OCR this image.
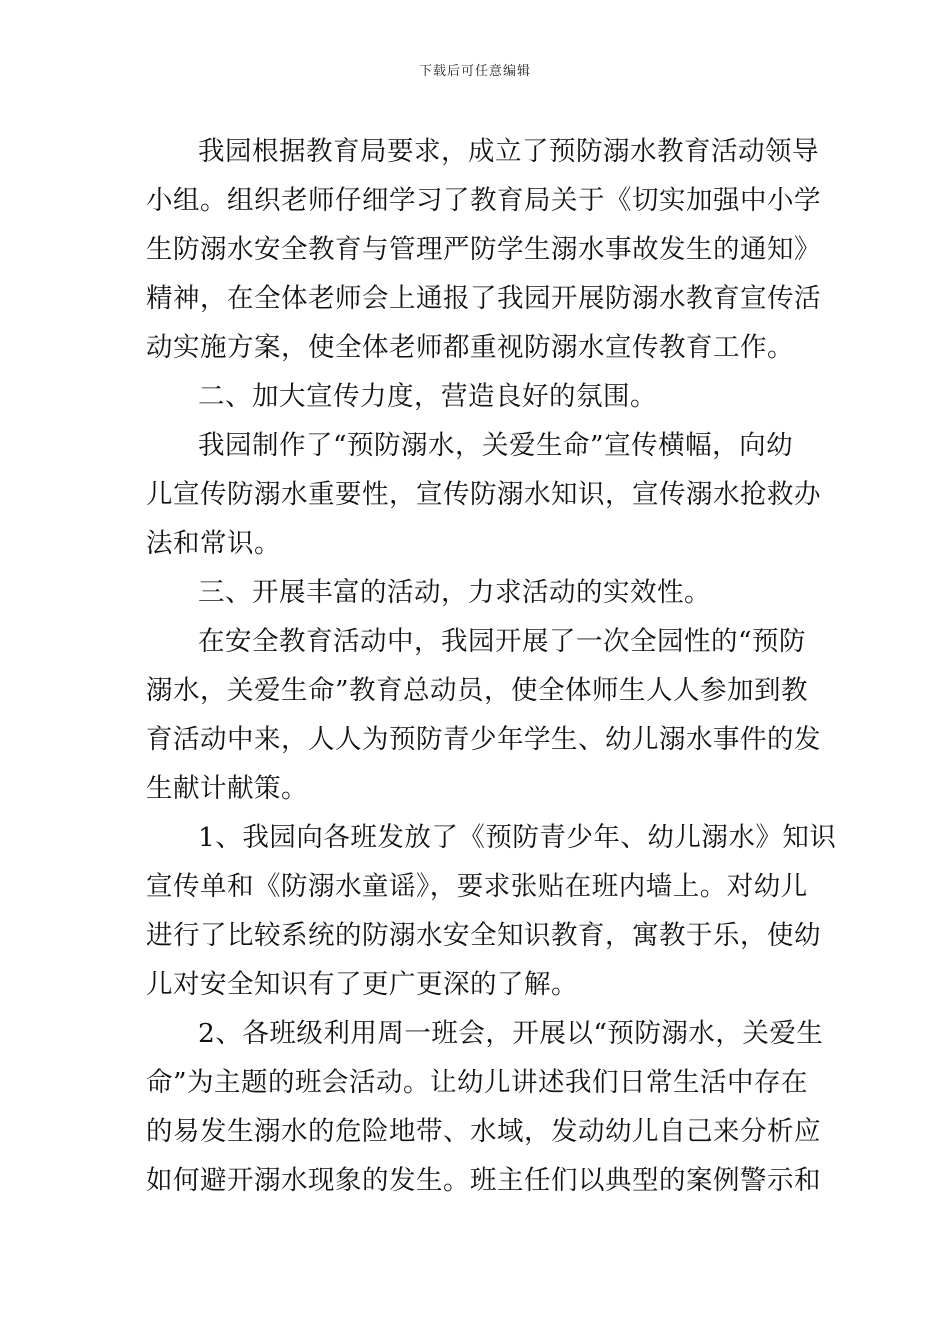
下载后可任意编辑
我园根据教育局要求，成立了预防溺水教育活动领导
小组。组织老师仔细学习了教育局关于《切实加强中小学
生防溺水安全教育与管理严防学生溺水事故发生的通知》
精神，在全体老师会上通报了我园开展防溺水教育宣传活
动实施方案，使全体老师都重视防溺水宣传教育工作。
二、加大宣传力度，营造良好的氛围。
我园制作了“预防溺水，关爱生命”宣传横幅，向幼
儿宣传防溺水重要性，宣传防溺水知识，宣传溺水抢救办
法和常识。
三、开展丰富的活动，力求活动的实效性。
在安全教育活动中，我园开展了一次全园性的“预防
溺水，关爱生命”教育总动员，使全体师生人人参加到教
育活动中来，人人为预防青少年学生、幼儿溺水事件的发
生献计献策。
1、我园向各班发放了《预防青少年、幼儿溺水》知识
宣传单和《防溺水童谣》，要求张贴在班内墙上。对幼儿
进行了比较系统的防溺水安全知识教育，寓教于乐，使幼
儿对安全知识有了更广更深的了解。
2、各班级利用周一班会，开展以“预防溺水，关爱生
命”为主题的班会活动。让幼儿讲述我们日常生活中存在
的易发生溺水的危险地带、水域，发动幼儿自己来分析应
如何避开溺水现象的发生。班主任们以典型的案例警示和
